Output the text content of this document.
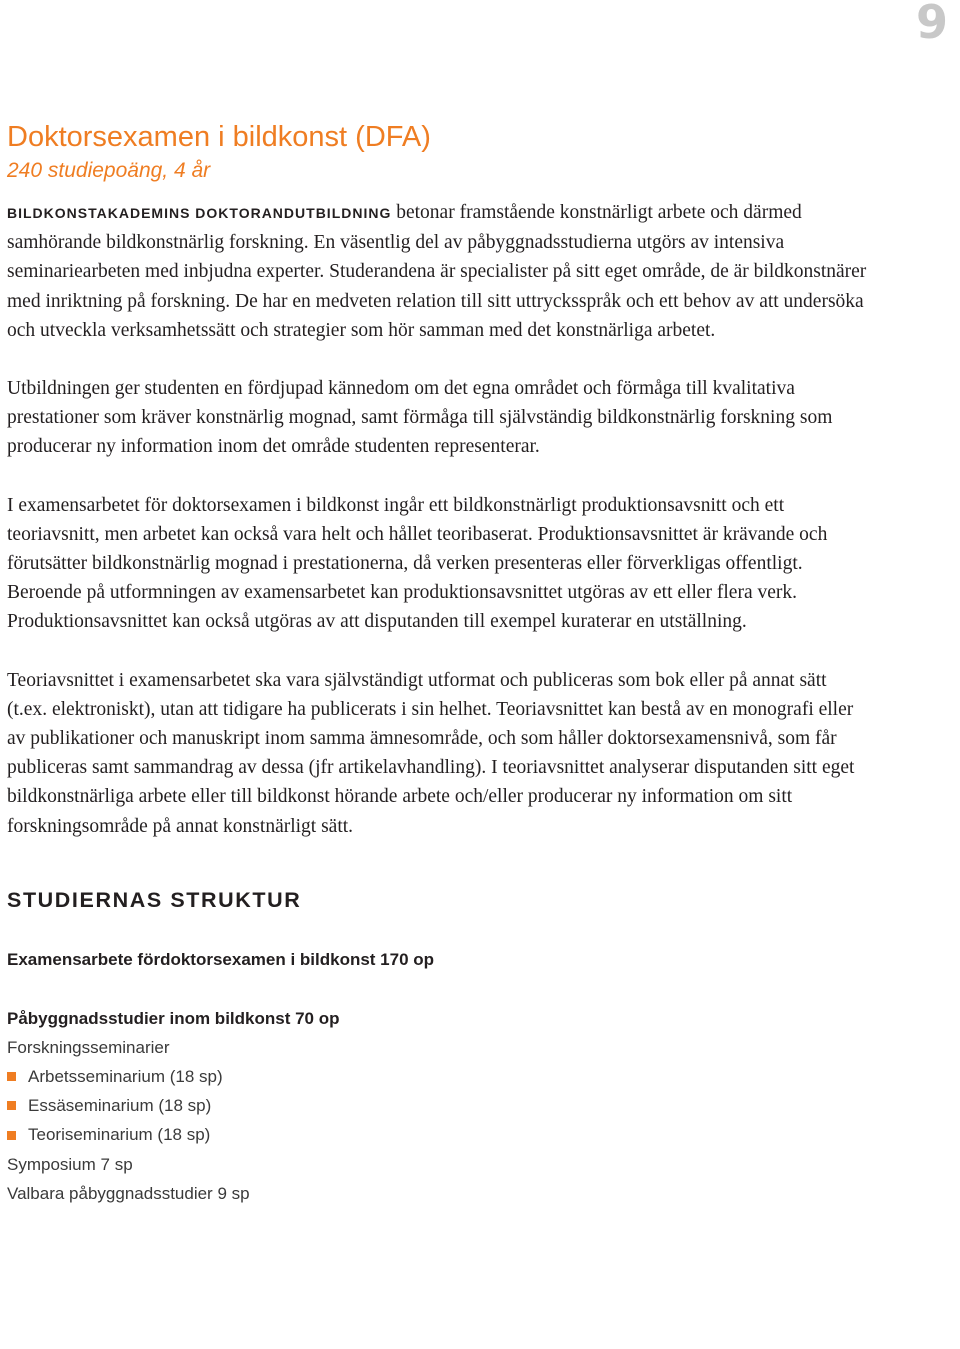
9
Doktorsexamen i bildkonst (DFA)
240 studiepoäng, 4 år

BILDKONSTAKADEMINS DOKTORANDUTBILDNING betonar framstående konstnärligt arbete och därmed samhörande bildkonstnärlig forskning. En väsentlig del av påbyggnadsstudierna utgörs av intensiva seminariearbeten med inbjudna experter. Studerandena är specialister på sitt eget område, de är bildkonstnärer med inriktning på forskning. De har en medveten relation till sitt uttrycksspråk och ett behov av att undersöka och utveckla verksamhetssätt och strategier som hör samman med det konstnärliga arbetet.

Utbildningen ger studenten en fördjupad kännedom om det egna området och förmåga till kvalitativa prestationer som kräver konstnärlig mognad, samt förmåga till självständig bildkonstnärlig forskning som producerar ny information inom det område studenten representerar.

I examensarbetet för doktorsexamen i bildkonst ingår ett bildkonstnärligt produktionsavsnitt och ett teoriavsnitt, men arbetet kan också vara helt och hållet teoribaserat. Produktionsavsnittet är krävande och förutsätter bildkonstnärlig mognad i prestationerna, då verken presenteras eller förverkligas offentligt. Beroende på utformningen av examensarbetet kan produktionsavsnittet utgöras av ett eller flera verk. Produktionsavsnittet kan också utgöras av att disputanden till exempel kuraterar en utställning.

Teoriavsnittet i examensarbetet ska vara självständigt utformat och publiceras som bok eller på annat sätt (t.ex. elektroniskt), utan att tidigare ha publicerats i sin helhet. Teoriavsnittet kan bestå av en monografi eller av publikationer och manuskript inom samma ämnesområde, och som håller doktorsexamensnivå, som får publiceras samt sammandrag av dessa (jfr artikelavhandling). I teoriavsnittet analyserar disputanden sitt eget bildkonstnärliga arbete eller till bildkonst hörande arbete och/eller producerar ny information om sitt forskningsområde på annat konstnärligt sätt.

STUDIERNAS STRUKTUR
Examensarbete fördoktorsexamen i bildkonst 170 op
Påbyggnadsstudier inom bildkonst 70 op
Forskningsseminarier
Arbetsseminarium (18 sp)
Essäseminarium (18 sp)
Teoriseminarium (18 sp)
Symposium 7 sp
Valbara påbyggnadsstudier 9 sp
